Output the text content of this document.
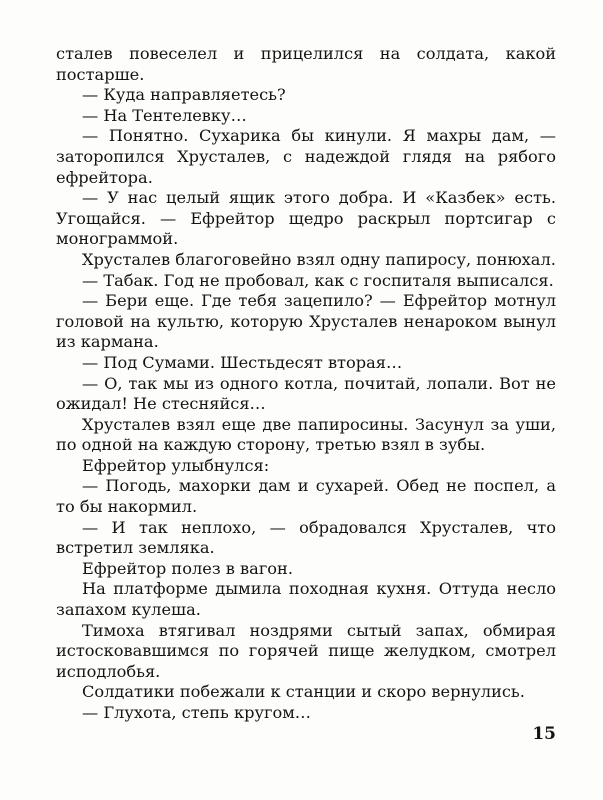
сталев повеселел и прицелился на солдата, какой постарше.

— Куда направляетесь?

— На Тентелевку…

— Понятно. Сухарика бы кинули. Я махры дам, — заторопился Хрусталев, с надеждой глядя на рябого ефрейтора.

— У нас целый ящик этого добра. И «Казбек» есть. Угощайся. — Ефрейтор щедро раскрыл портсигар с монограммой.

Хрусталев благоговейно взял одну папиросу, понюхал.

— Табак. Год не пробовал, как с госпиталя выписался.

— Бери еще. Где тебя зацепило? — Ефрейтор мотнул головой на культю, которую Хрусталев ненароком вынул из кармана.

— Под Сумами. Шестьдесят вторая…

— О, так мы из одного котла, почитай, лопали. Вот не ожидал! Не стесняйся…

Хрусталев взял еще две папиросины. Засунул за уши, по одной на каждую сторону, третью взял в зубы.

Ефрейтор улыбнулся:

— Погодь, махорки дам и сухарей. Обед не поспел, а то бы накормил.

— И так неплохо, — обрадовался Хрусталев, что встретил земляка.

Ефрейтор полез в вагон.

На платформе дымила походная кухня. Оттуда несло запахом кулеша.

Тимоха втягивал ноздрями сытый запах, обмирая истосковавшимся по горячей пище желудком, смотрел исподлобья.

Солдатики побежали к станции и скоро вернулись.

— Глухота, степь кругом…

15
